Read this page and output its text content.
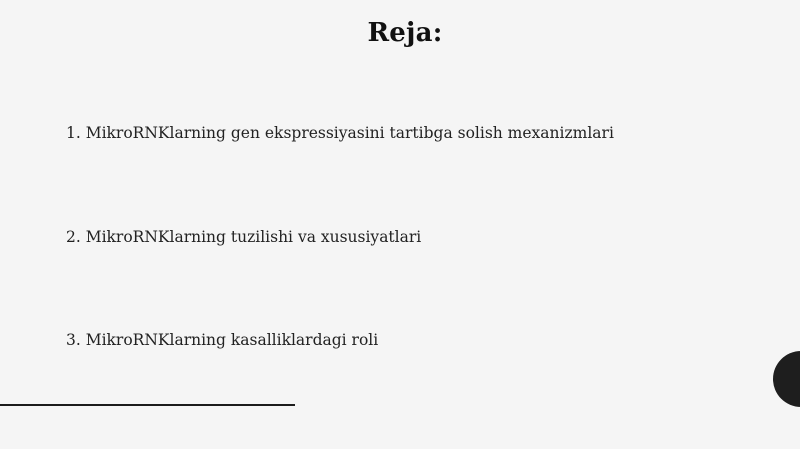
Reja:
1. MikroRNKlarning gen ekspressiyasini tartibga solish mexanizmlari
2. MikroRNKlarning tuzilishi va xususiyatlari
3. MikroRNKlarning kasalliklardagi roli
